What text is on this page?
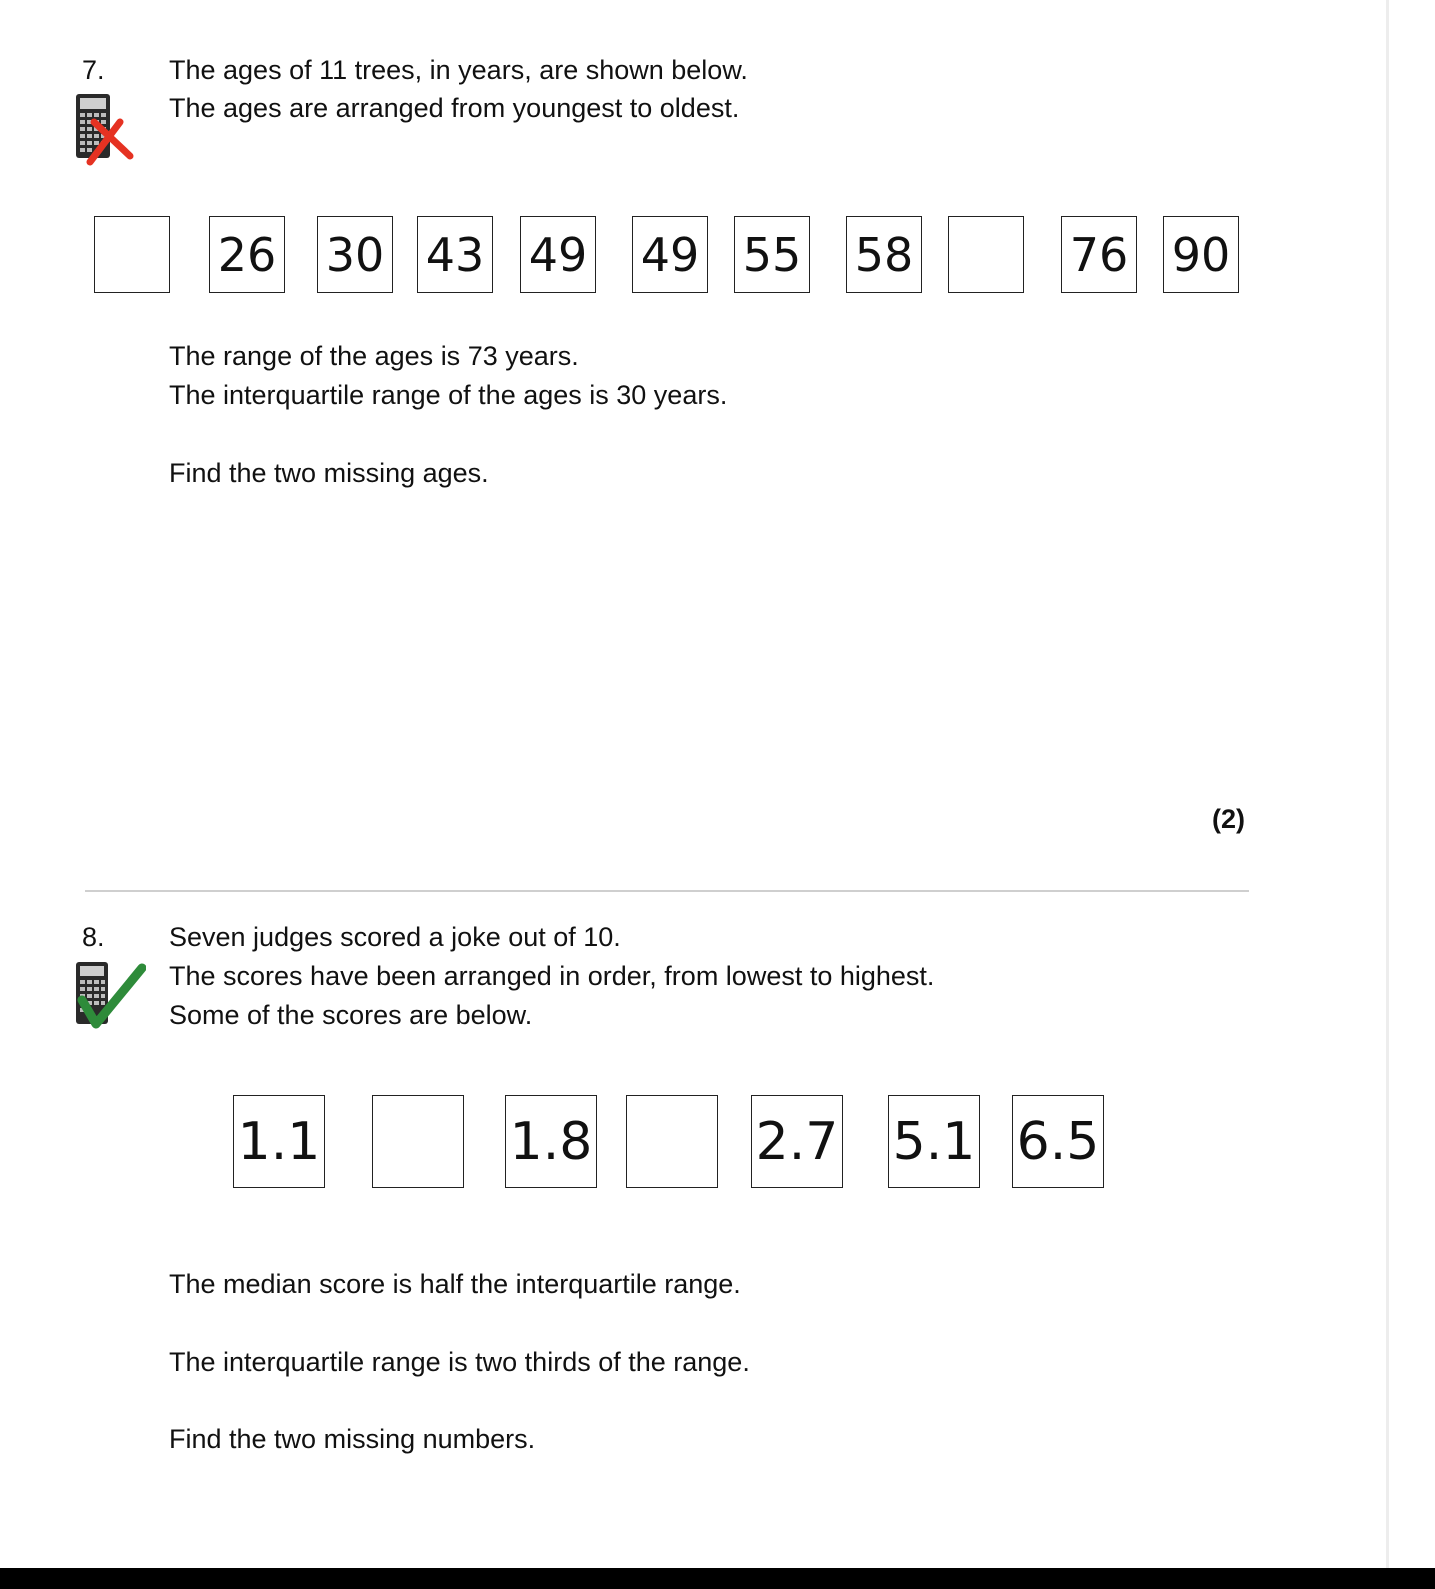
7. The ages of 11 trees, in years, are shown below.
The ages are arranged from youngest to oldest.
26 30 43 49 49 55 58	76 90
The range of the ages is 73 years.
The interquartile range of the ages is 30 years.
Find the two missing ages.
(2)
8. Seven judges scored a joke out of 10.
The scores have been arranged in order, from lowest to highest.
Some of the scores are below.
1.1	1.8	2.7 5.1 6.5
The median score is half the interquartile range.
The interquartile range is two thirds of the range.
Find the two missing numbers.
